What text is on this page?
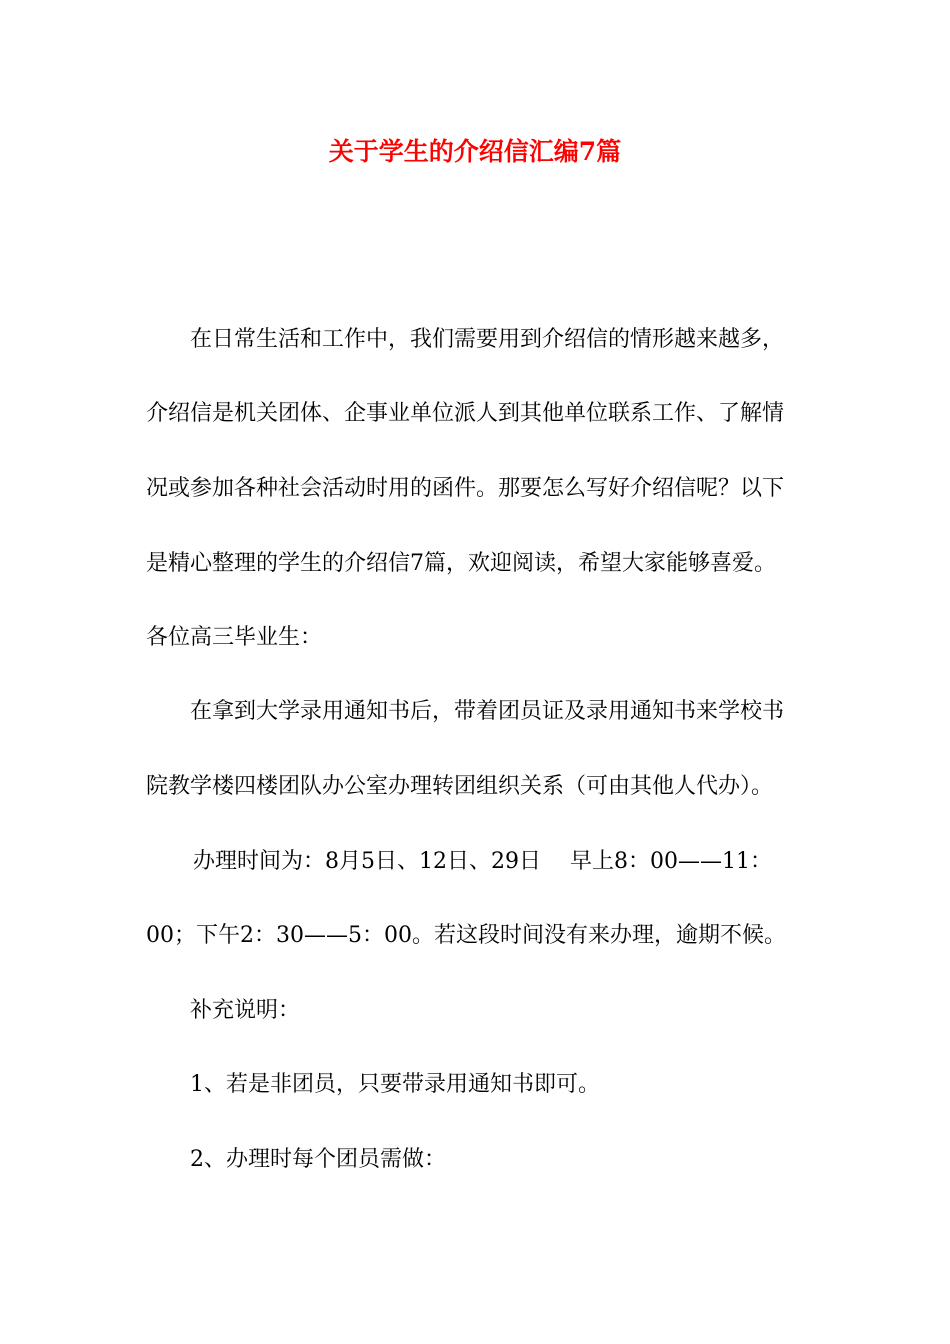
关于学生的介绍信汇编7篇

在日常生活和工作中，我们需要用到介绍信的情形越来越多，

介绍信是机关团体、企事业单位派人到其他单位联系工作、了解情

况或参加各种社会活动时用的函件。那要怎么写好介绍信呢？以下

是精心整理的学生的介绍信7篇，欢迎阅读，希望大家能够喜爱。

各位高三毕业生：

在拿到大学录用通知书后，带着团员证及录用通知书来学校书

院教学楼四楼团队办公室办理转团组织关系（可由其他人代办）。

办理时间为：8月5日、12日、29日　 早上8：00——11：

00；下午2：30——5：00。若这段时间没有来办理，逾期不候。

补充说明：

1、若是非团员，只要带录用通知书即可。

2、办理时每个团员需做：
